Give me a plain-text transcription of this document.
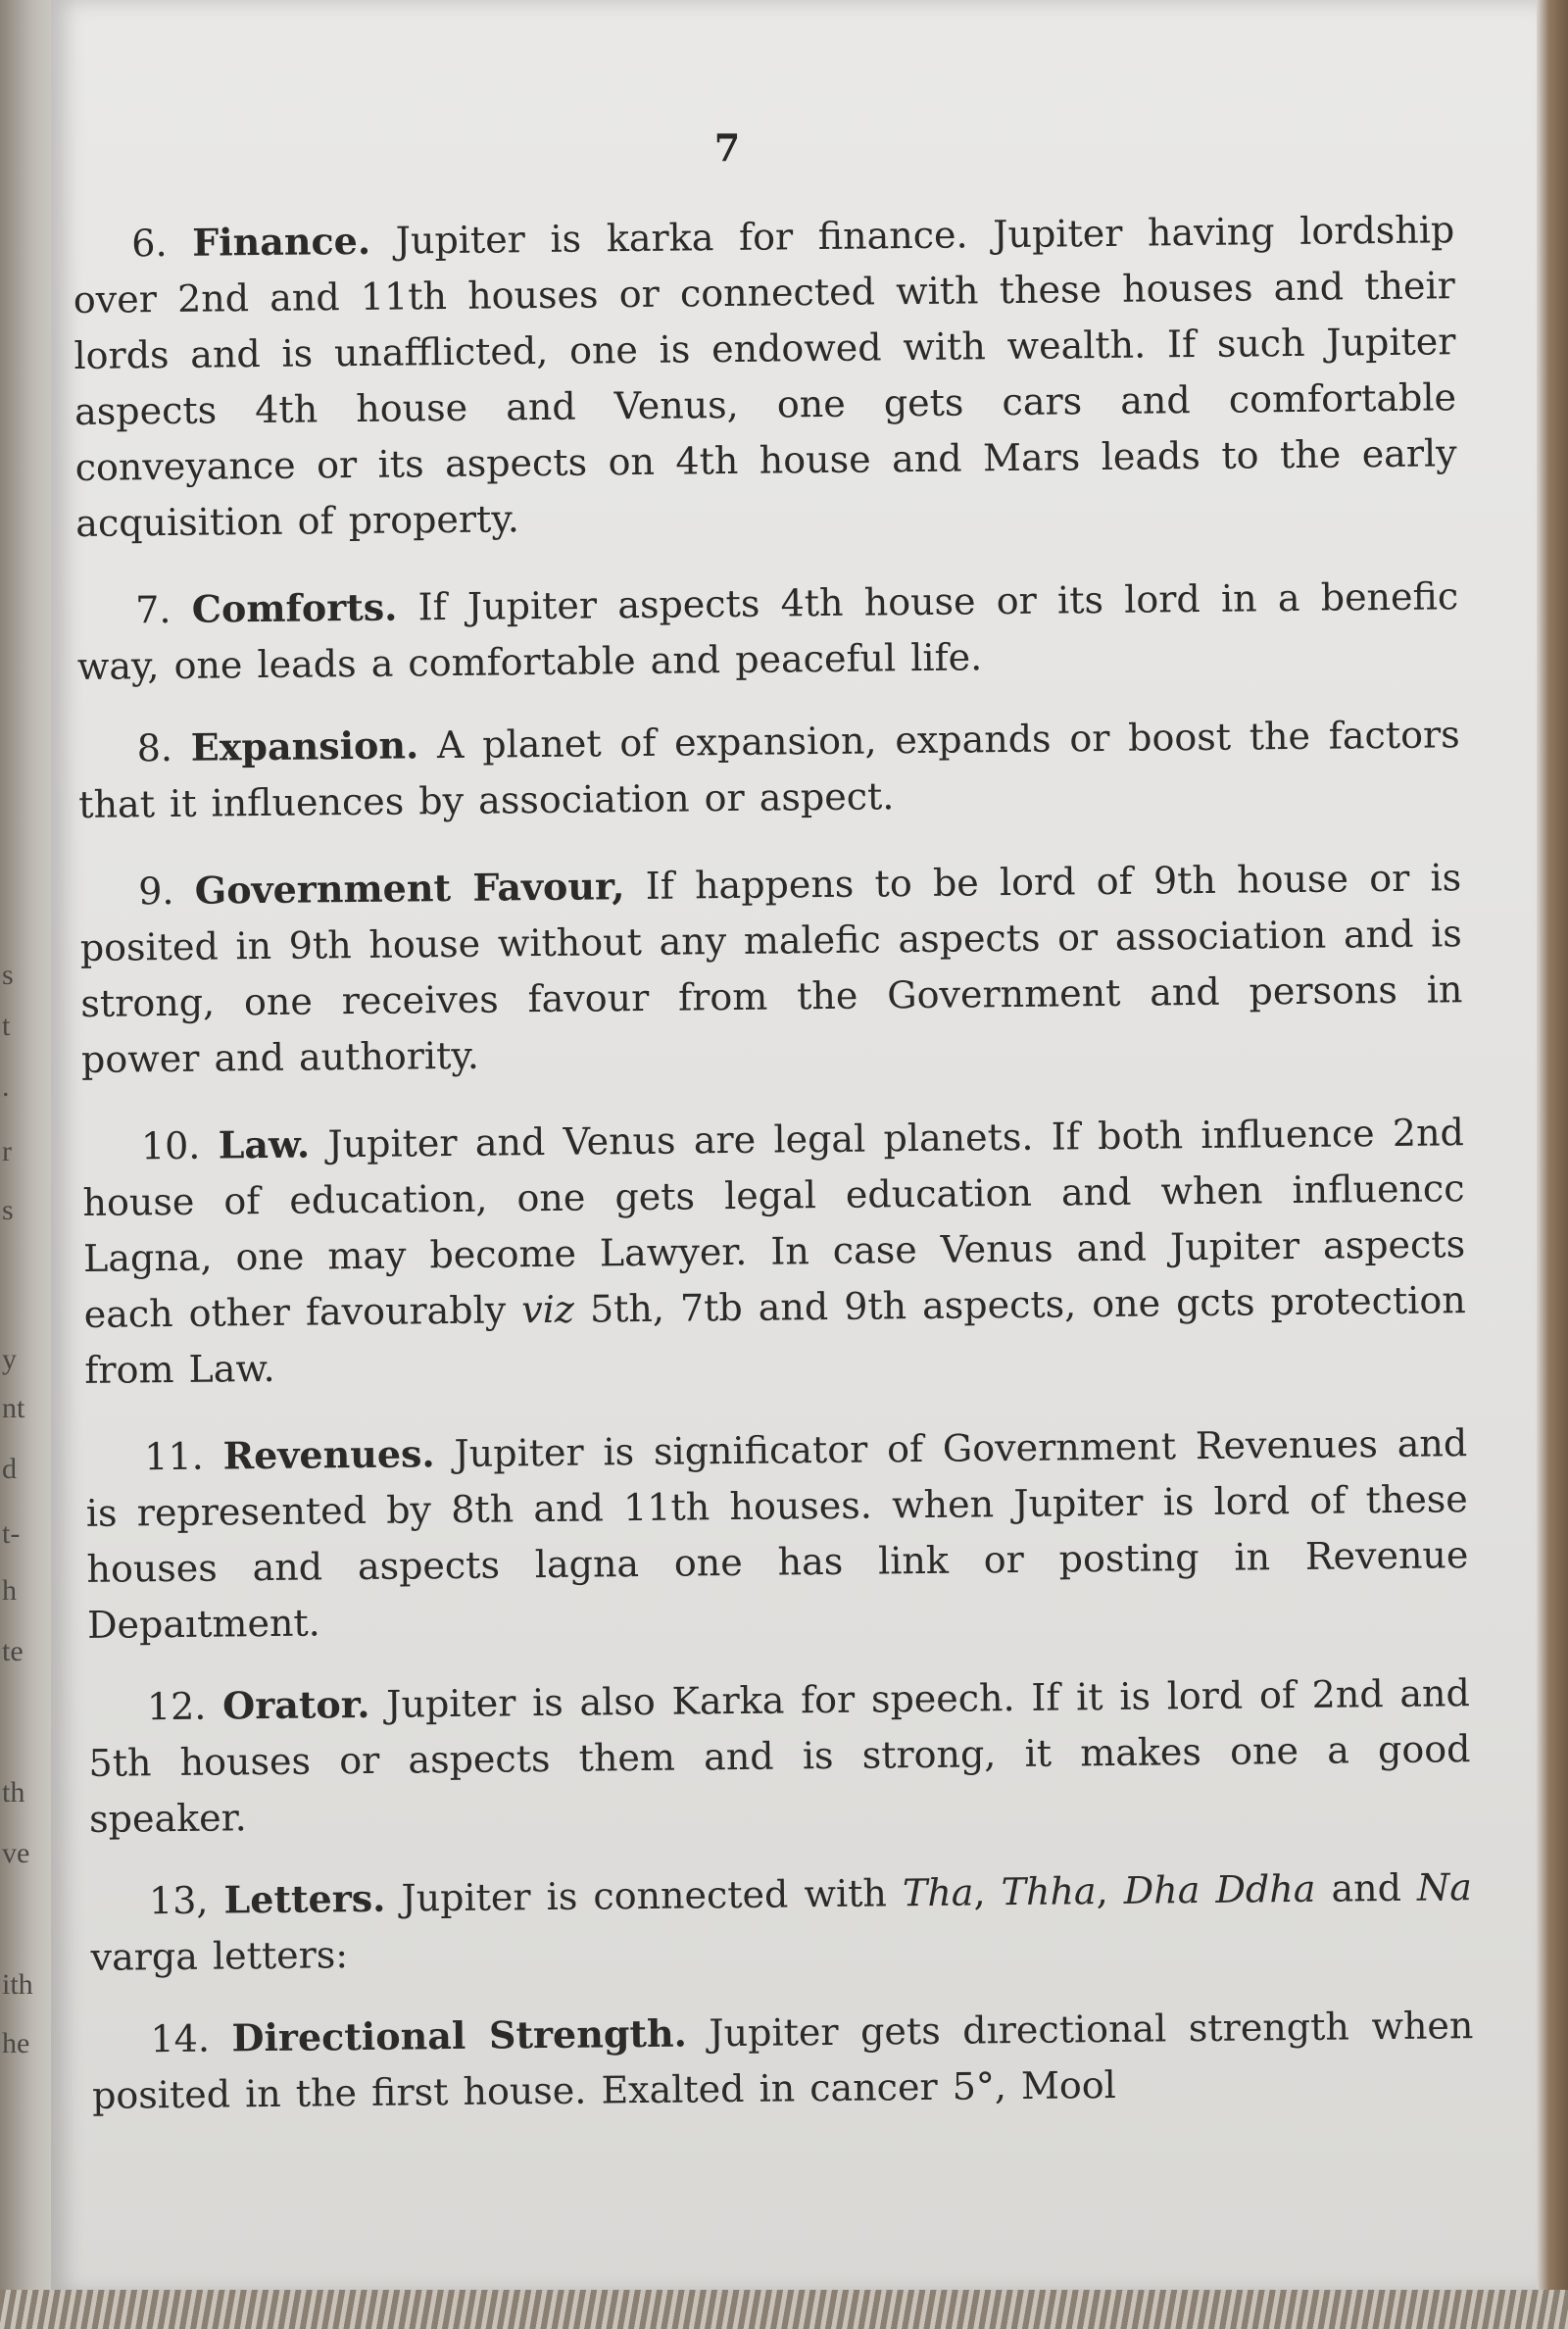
s
t
.
r
s
y
nt
d
t-
h
te
th
ve
ith
he
7

6. Finance. Jupiter is karka for finance. Jupiter having lordship over 2nd and 11th houses or connected with these houses and their lords and is unafflicted, one is endowed with wealth. If such Jupiter aspects 4th house and Venus, one gets cars and comfortable conveyance or its aspects on 4th house and Mars leads to the early acquisition of property.

7. Comforts. If Jupiter aspects 4th house or its lord in a benefic way, one leads a comfortable and peaceful life.

8. Expansion. A planet of expansion, expands or boost the factors that it influences by association or aspect.

9. Government Favour, If happens to be lord of 9th house or is posited in 9th house without any malefic aspects or association and is strong, one receives favour from the Government and persons in power and authority.

10. Law. Jupiter and Venus are legal planets. If both influence 2nd house of education, one gets legal education and when influencc Lagna, one may become Lawyer. In case Venus and Jupiter aspects each other favourably viz 5th, 7tb and 9th aspects, one gcts protection from Law.

11. Revenues. Jupiter is significator of Government Revenues and is represented by 8th and 11th houses. when Jupiter is lord of these houses and aspects lagna one has link or posting in Revenue Depaıtment.

12. Orator. Jupiter is also Karka for speech. If it is lord of 2nd and 5th houses or aspects them and is strong, it makes one a good speaker.

13, Letters. Jupiter is connected with Tha, Thha, Dha Ddha and Na varga letters:

14. Directional Strength. Jupiter gets dırectional strength when posited in the first house. Exalted in cancer 5°, Mool
